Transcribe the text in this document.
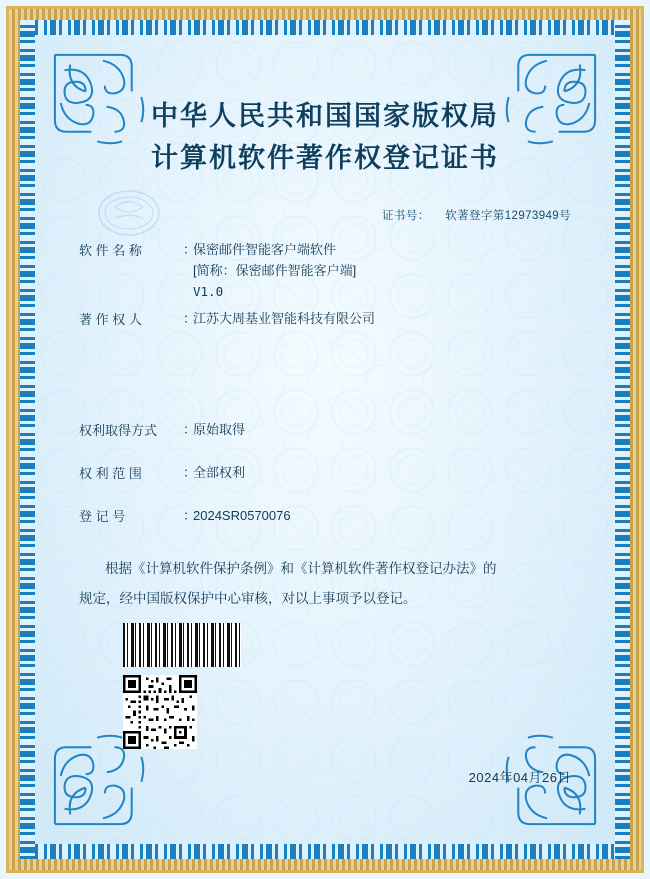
中华人民共和国国家版权局
计算机软件著作权登记证书
证书号： 软著登字第12973949号
软 件 名 称	：
保密邮件智能客户端软件
[简称：保密邮件智能客户端]
V1.0
著 作 权 人	：
江苏大周基业智能科技有限公司
权利取得方式	：
原始取得
权 利 范 围	：
全部权利
登 记 号	：
2024SR0570076
根据《计算机软件保护条例》和《计算机软件著作权登记办法》的
规定，经中国版权保护中心审核，对以上事项予以登记。
2024年04月26日
